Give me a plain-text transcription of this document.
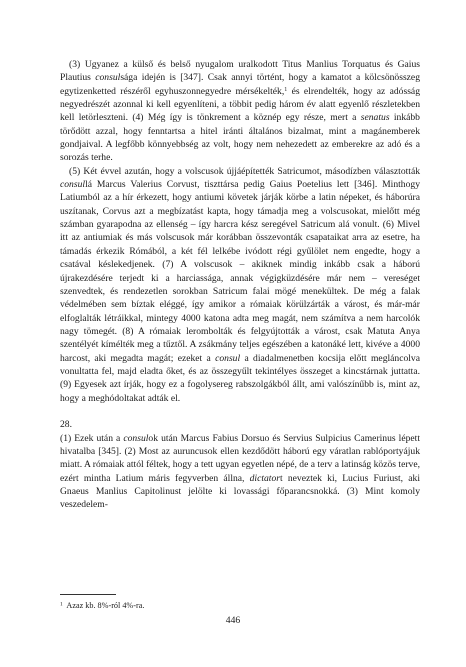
(3) Ugyanez a külső és belső nyugalom uralkodott Titus Manlius Torquatus és Gaius Plautius consulsága idején is [347]. Csak annyi történt, hogy a kamatot a kölcsönösszeg egytizenketted részéről egyhuszonnegyedre mérsékelték,$^1$ és elrendelték, hogy az adósság negyedrészét azonnal ki kell egyenlíteni, a többit pedig három év alatt egyenlő részletekben kell letörleszteni. (4) Még így is tönkrement a köznép egy része, mert a senatus inkább törődött azzal, hogy fenntartsa a hitel iránti általános bizalmat, mint a magánemberek gondjaival. A legfőbb könnyebbség az volt, hogy nem nehezedett az emberekre az adó és a sorozás terhe.

(5) Két évvel azután, hogy a volscusok újjáépítették Satricumot, másodízben választották consullá Marcus Valerius Corvust, tiszttársa pedig Gaius Poetelius lett [346]. Minthogy Latiumból az a hír érkezett, hogy antiumi követek járják körbe a latin népeket, és háborúra uszítanak, Corvus azt a megbízatást kapta, hogy támadja meg a volscusokat, mielőtt még számban gyarapodna az ellenség – így harcra kész seregével Satricum alá vonult. (6) Mivel itt az antiumiak és más volscusok már korábban összevonták csapataikat arra az esetre, ha támadás érkezik Rómából, a két fél lelkébe ivódott régi gyűlölet nem engedte, hogy a csatával késlekedjenek. (7) A volscusok – akiknek mindig inkább csak a háború újrakezdésére terjedt ki a harciassága, annak végigküzdésére már nem – vereséget szenvedtek, és rendezetlen sorokban Satricum falai mögé menekültek. De még a falak védelmében sem bíztak eléggé, így amikor a rómaiak körülzárták a várost, és már-már elfoglalták létráikkal, mintegy 4000 katona adta meg magát, nem számítva a nem harcolók nagy tömegét. (8) A rómaiak lerombolták és felgyújtották a várost, csak Matuta Anya szentélyét kímélték meg a tűztől. A zsákmány teljes egészében a katonáké lett, kivéve a 4000 harcost, aki megadta magát; ezeket a consul a diadalmenetben kocsija előtt megláncolva vonultatta fel, majd eladta őket, és az összegyűlt tekintélyes összeget a kincstárnak juttatta. (9) Egyesek azt írják, hogy ez a fogolysereg rabszolgákból állt, ami valószínűbb is, mint az, hogy a meghódoltakat adták el.

28.

(1) Ezek után a consulok után Marcus Fabius Dorsuo és Servius Sulpicius Camerinus lépett hivatalba [345]. (2) Most az auruncusok ellen kezdődött háború egy váratlan rablóportyájuk miatt. A rómaiak attól féltek, hogy a tett ugyan egyetlen népé, de a terv a latinság közös terve, ezért mintha Latium máris fegyverben állna, dictatort neveztek ki, Lucius Furiust, aki Gnaeus Manlius Capitolinust jelölte ki lovassági főparancsnokká. (3) Mint komoly veszedelem-

$^1$ Azaz kb. 8%-ról 4%-ra.

446
